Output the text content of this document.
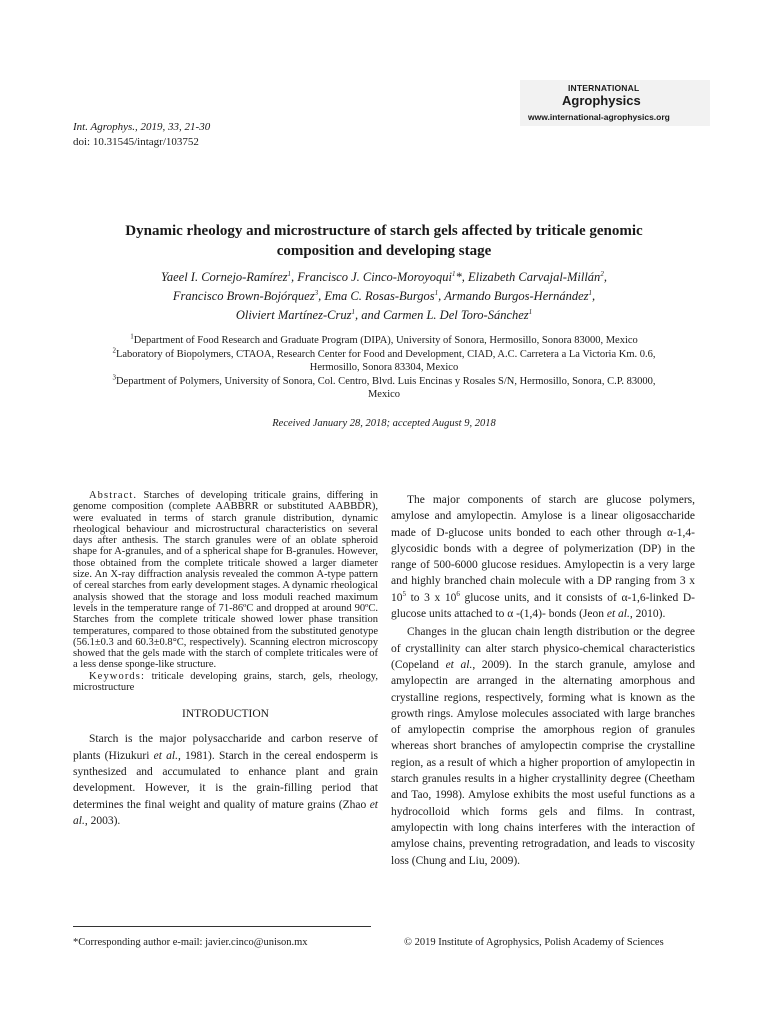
INTERNATIONAL
Agrophysics
www.international-agrophysics.org
Int. Agrophys., 2019, 33, 21-30
doi: 10.31545/intagr/103752
Dynamic rheology and microstructure of starch gels affected by triticale genomic
composition and developing stage
Yaeel I. Cornejo-Ramírez$^1$, Francisco J. Cinco-Moroyoqui$^1$*, Elizabeth Carvajal-Millán$^2$,
Francisco Brown-Bojórquez$^3$, Ema C. Rosas-Burgos$^1$, Armando Burgos-Hernández$^1$,
Oliviert Martínez-Cruz$^1$, and Carmen L. Del Toro-Sánchez$^1$
$^1$Department of Food Research and Graduate Program (DIPA), University of Sonora, Hermosillo, Sonora 83000, Mexico
$^2$Laboratory of Biopolymers, CTAOA, Research Center for Food and Development, CIAD, A.C. Carretera a La Victoria Km. 0.6,
Hermosillo, Sonora 83304, Mexico
$^3$Department of Polymers, University of Sonora, Col. Centro, Blvd. Luis Encinas y Rosales S/N, Hermosillo, Sonora, C.P. 83000,
Mexico
Received January 28, 2018; accepted August 9, 2018

Abstract. Starches of developing triticale grains, differing in genome composition (complete AABBRR or substituted AABBDR), were evaluated in terms of starch granule distribution, dynamic rheological behaviour and microstructural characteristics on several days after anthesis. The starch granules were of an oblate spheroid shape for A-granules, and of a spherical shape for B-granules. However, those obtained from the complete triticale showed a larger diameter size. An X-ray diffraction analysis revealed the common A-type pattern of cereal starches from early development stages. A dynamic rheological analysis showed that the storage and loss moduli reached maximum levels in the temperature range of 71-86ºC and dropped at around 90ºC. Starches from the complete triticale showed lower phase transition temperatures, compared to those obtained from the substituted genotype (56.1±0.3 and 60.3±0.8°C, respectively). Scanning electron microscopy showed that the gels made with the starch of complete triticales were of a less dense sponge-like structure.

Keywords: triticale developing grains, starch, gels, rheology, microstructure

INTRODUCTION

Starch is the major polysaccharide and carbon reserve of plants (Hizukuri et al., 1981). Starch in the cereal endosperm is synthesized and accumulated to enhance plant and grain development. However, it is the grain-filling period that determines the final weight and quality of mature grains (Zhao et al., 2003).

The major components of starch are glucose polymers, amylose and amylopectin. Amylose is a linear oligosaccharide made of D-glucose units bonded to each other through α-1,4-glycosidic bonds with a degree of polymerization (DP) in the range of 500-6000 glucose residues. Amylopectin is a very large and highly branched chain molecule with a DP ranging from 3 x $10^5$ to 3 x $10^6$ glucose units, and it consists of α-1,6-linked D-glucose units attached to α -(1,4)- bonds (Jeon et al., 2010).

Changes in the glucan chain length distribution or the degree of crystallinity can alter starch physico-chemical characteristics (Copeland et al., 2009). In the starch granule, amylose and amylopectin are arranged in the alternating amorphous and crystalline regions, respectively, forming what is known as the growth rings. Amylose molecules associated with large branches of amylopectin comprise the amorphous region of granules whereas short branches of amylopectin comprise the crystalline region, as a result of which a higher proportion of amylopectin in starch granules results in a higher crystallinity degree (Cheetham and Tao, 1998). Amylose exhibits the most useful functions as a hydrocolloid which forms gels and films. In contrast, amylopectin with long chains interferes with the interaction of amylose chains, preventing retrogradation, and leads to viscosity loss (Chung and Liu, 2009).

*Corresponding author e-mail: javier.cinco@unison.mx	© 2019 Institute of Agrophysics, Polish Academy of Sciences
